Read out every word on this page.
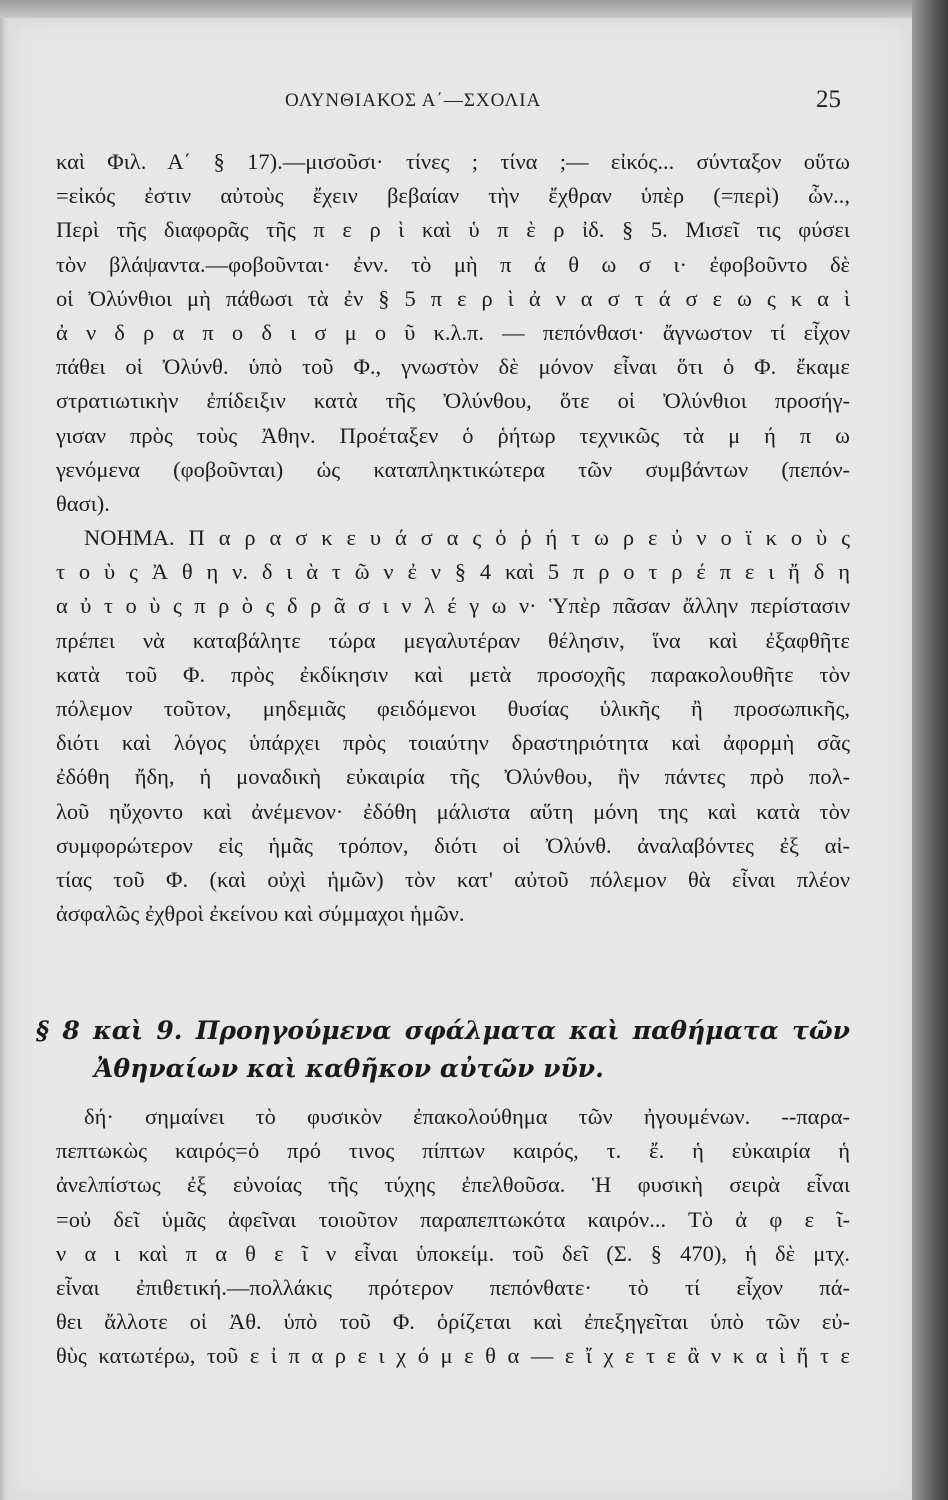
ΟΛΥΝΘΙΑΚΟΣ Α΄—ΣΧΟΛΙΑ	25
καὶ Φιλ. Α΄ § 17).—μισοῦσι· τίνες ; τίνα ;— εἰκός... σύνταξον οὕτω
=εἰκός ἐστιν αὐτοὺς ἔχειν βεβαίαν τὴν ἔχθραν ὑπὲρ (=περὶ) ὧν..,
Περὶ τῆς διαφορᾶς τῆς π ε ρ ὶ καὶ ὑ π ὲ ρ ἰδ. § 5. Μισεῖ τις φύσει
τὸν βλάψαντα.—φοβοῦνται· ἐνν. τὸ μὴ π ά θ ω σ ι· ἐφοβοῦντο δὲ
οἱ Ὀλύνθιοι μὴ πάθωσι τὰ ἐν § 5 π ε ρ ὶ ἀ ν α σ τ ά σ ε ω ς κ α ὶ
ἀ ν δ ρ α π ο δ ι σ μ ο ῦ κ.λ.π. — πεπόνθασι· ἄγνωστον τί εἶχον
πάθει οἱ Ὀλύνθ. ὑπὸ τοῦ Φ., γνωστὸν δὲ μόνον εἶναι ὅτι ὁ Φ. ἔκαμε
στρατιωτικὴν ἐπίδειξιν κατὰ τῆς Ὀλύνθου, ὅτε οἱ Ὀλύνθιοι προσήγ-
γισαν πρὸς τοὺς Ἀθην. Προέταξεν ὁ ῥήτωρ τεχνικῶς τὰ μ ή π ω
γενόμενα (φοβοῦνται) ὡς καταπληκτικώτερα τῶν συμβάντων (πεπόν-
θασι).
ΝΟΗΜΑ. Π α ρ α σ κ ε υ ά σ α ς ὁ ῥ ή τ ω ρ ε ὐ ν ο ϊ κ ο ὺ ς
τ ο ὺ ς Ἀ θ η ν. δ ι ὰ τ ῶ ν ἐ ν § 4 καὶ 5 π ρ ο τ ρ έ π ε ι ἤ δ η
α ὐ τ ο ὺ ς π ρ ὸ ς δ ρ ᾶ σ ι ν λ έ γ ω ν· Ὑπὲρ πᾶσαν ἄλλην περίστασιν
πρέπει νὰ καταβάλητε τώρα μεγαλυτέραν θέλησιν, ἵνα καὶ ἐξαφθῆτε
κατὰ τοῦ Φ. πρὸς ἐκδίκησιν καὶ μετὰ προσοχῆς παρακολουθῆτε τὸν
πόλεμον τοῦτον, μηδεμιᾶς φειδόμενοι θυσίας ὑλικῆς ἢ προσωπικῆς,
διότι καὶ λόγος ὑπάρχει πρὸς τοιαύτην δραστηριότητα καὶ ἀφορμὴ σᾶς
ἐδόθη ἤδη, ἡ μοναδικὴ εὐκαιρία τῆς Ὀλύνθου, ἣν πάντες πρὸ πολ-
λοῦ ηὔχοντο καὶ ἀνέμενον· ἐδόθη μάλιστα αὕτη μόνη της καὶ κατὰ τὸν
συμφορώτερον εἰς ἡμᾶς τρόπον, διότι οἱ Ὀλύνθ. ἀναλαβόντες ἐξ αἰ-
τίας τοῦ Φ. (καὶ οὐχὶ ἡμῶν) τὸν κατ' αὐτοῦ πόλεμον θὰ εἶναι πλέον
ἀσφαλῶς ἐχθροὶ ἐκείνου καὶ σύμμαχοι ἡμῶν.
§ 8 καὶ 9. Προηγούμενα σφάλματα καὶ παθήματα τῶν
Ἀθηναίων καὶ καθῆκον αὐτῶν νῦν.
δή· σημαίνει τὸ φυσικὸν ἐπακολούθημα τῶν ἠγουμένων. --παρα-
πεπτωκὼς καιρός=ὁ πρό τινος πίπτων καιρός, τ. ἔ. ἡ εὐκαιρία ἡ
ἀνελπίστως ἐξ εὐνοίας τῆς τύχης ἐπελθοῦσα. Ἡ φυσικὴ σειρὰ εἶναι
=οὐ δεῖ ὑμᾶς ἀφεῖναι τοιοῦτον παραπεπτωκότα καιρόν... Τὸ ἀ φ ε ῖ-
ν α ι καὶ π α θ ε ῖ ν εἶναι ὑποκείμ. τοῦ δεῖ (Σ. § 470), ἡ δὲ μτχ.
εἶναι ἐπιθετική.—πολλάκις πρότερον πεπόνθατε· τὸ τί εἶχον πά-
θει ἄλλοτε οἱ Ἀθ. ὑπὸ τοῦ Φ. ὁρίζεται καὶ ἐπεξηγεῖται ὑπὸ τῶν εὐ-
θὺς κατωτέρω, τοῦ ε ἰ π α ρ ε ι χ ό μ ε θ α — ε ἴ χ ε τ ε ἂ ν κ α ὶ ἤ τ ε
